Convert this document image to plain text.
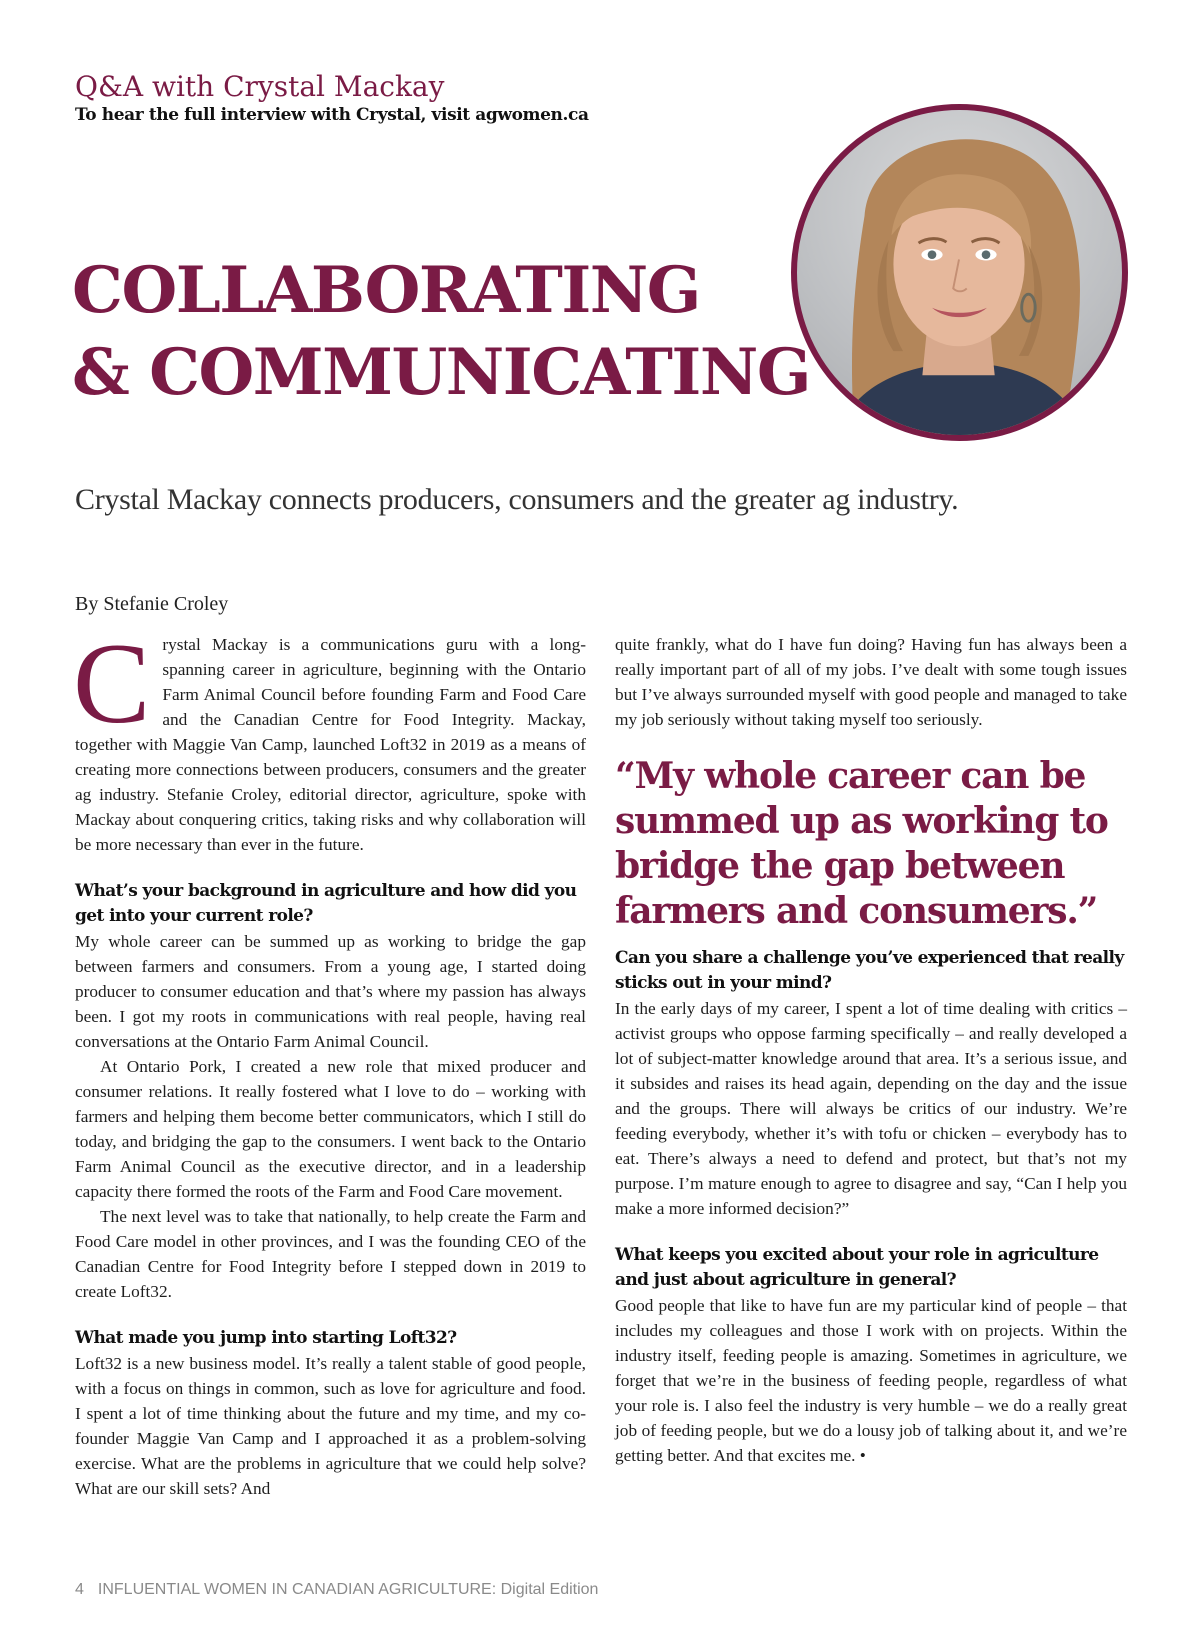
Q&A with Crystal Mackay
To hear the full interview with Crystal, visit agwomen.ca
COLLABORATING
& COMMUNICATING
Crystal Mackay connects producers, consumers and the greater ag industry.
By Stefanie Croley

Crystal Mackay is a communications guru with a long-spanning career in agriculture, beginning with the Ontario Farm Animal Council before founding Farm and Food Care and the Canadian Centre for Food Integrity. Mackay, together with Maggie Van Camp, launched Loft32 in 2019 as a means of creating more connections between producers, consumers and the greater ag industry. Stefanie Croley, editorial director, agriculture, spoke with Mackay about conquering critics, taking risks and why collaboration will be more necessary than ever in the future.

What’s your background in agriculture and how did you get into your current role?

My whole career can be summed up as working to bridge the gap between farmers and consumers. From a young age, I started doing producer to consumer education and that’s where my passion has always been. I got my roots in communications with real people, having real conversations at the Ontario Farm Animal Council.

At Ontario Pork, I created a new role that mixed producer and consumer relations. It really fostered what I love to do – working with farmers and helping them become better communicators, which I still do today, and bridging the gap to the consumers. I went back to the Ontario Farm Animal Council as the executive director, and in a leadership capacity there formed the roots of the Farm and Food Care movement.

The next level was to take that nationally, to help create the Farm and Food Care model in other provinces, and I was the founding CEO of the Canadian Centre for Food Integrity before I stepped down in 2019 to create Loft32.

What made you jump into starting Loft32?

Loft32 is a new business model. It’s really a talent stable of good people, with a focus on things in common, such as love for agriculture and food. I spent a lot of time thinking about the future and my time, and my co-founder Maggie Van Camp and I approached it as a problem-solving exercise. What are the problems in agriculture that we could help solve? What are our skill sets? And

quite frankly, what do I have fun doing? Having fun has always been a really important part of all of my jobs. I’ve dealt with some tough issues but I’ve always surrounded myself with good people and managed to take my job seriously without taking myself too seriously.

“My whole career can be summed up as working to bridge the gap between farmers and consumers.”
Can you share a challenge you’ve experienced that really sticks out in your mind?

In the early days of my career, I spent a lot of time dealing with critics – activist groups who oppose farming specifically – and really developed a lot of subject-matter knowledge around that area. It’s a serious issue, and it subsides and raises its head again, depending on the day and the issue and the groups. There will always be critics of our industry. We’re feeding everybody, whether it’s with tofu or chicken – everybody has to eat. There’s always a need to defend and protect, but that’s not my purpose. I’m mature enough to agree to disagree and say, “Can I help you make a more informed decision?”

What keeps you excited about your role in agriculture and just about agriculture in general?

Good people that like to have fun are my particular kind of people – that includes my colleagues and those I work with on projects. Within the industry itself, feeding people is amazing. Sometimes in agriculture, we forget that we’re in the business of feeding people, regardless of what your role is. I also feel the industry is very humble – we do a really great job of feeding people, but we do a lousy job of talking about it, and we’re getting better. And that excites me. •

4 INFLUENTIAL WOMEN IN CANADIAN AGRICULTURE: Digital Edition
